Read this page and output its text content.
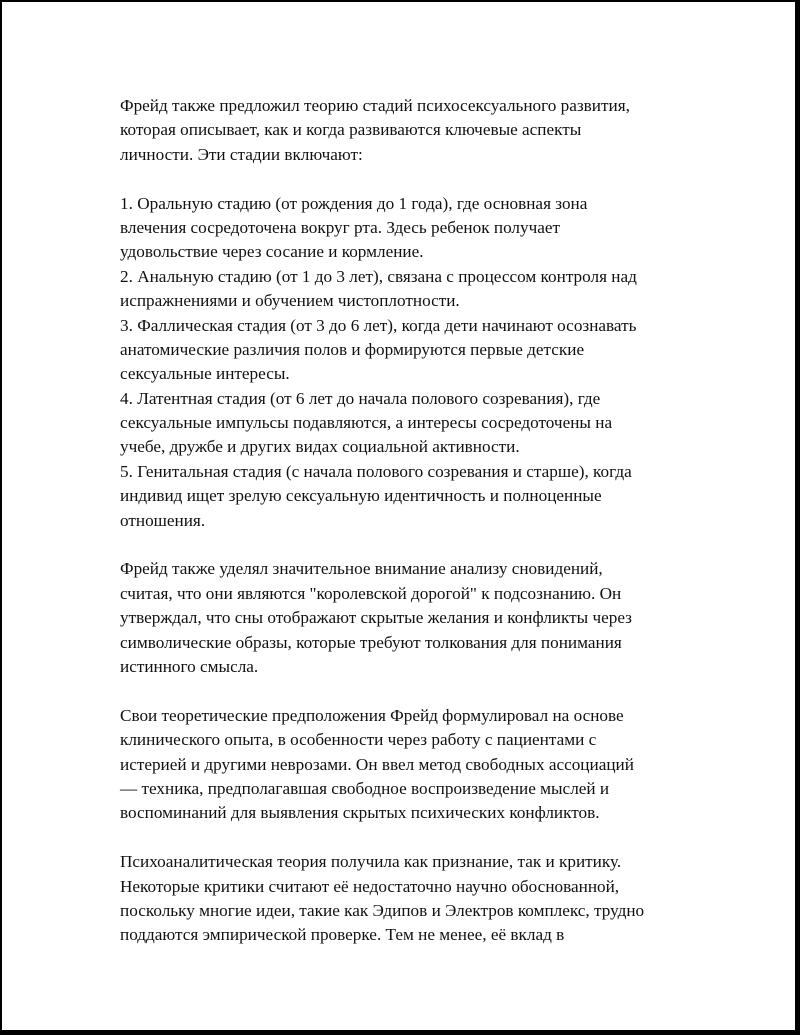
Фрейд также предложил теорию стадий психосексуального развития,
которая описывает, как и когда развиваются ключевые аспекты
личности. Эти стадии включают:
1. Оральную стадию (от рождения до 1 года), где основная зона
влечения сосредоточена вокруг рта. Здесь ребенок получает
удовольствие через сосание и кормление.
2. Анальную стадию (от 1 до 3 лет), связана с процессом контроля над
испражнениями и обучением чистоплотности.
3. Фаллическая стадия (от 3 до 6 лет), когда дети начинают осознавать
анатомические различия полов и формируются первые детские
сексуальные интересы.
4. Латентная стадия (от 6 лет до начала полового созревания), где
сексуальные импульсы подавляются, а интересы сосредоточены на
учебе, дружбе и других видах социальной активности.
5. Генитальная стадия (с начала полового созревания и старше), когда
индивид ищет зрелую сексуальную идентичность и полноценные
отношения.
Фрейд также уделял значительное внимание анализу сновидений,
считая, что они являются "королевской дорогой" к подсознанию. Он
утверждал, что сны отображают скрытые желания и конфликты через
символические образы, которые требуют толкования для понимания
истинного смысла.
Свои теоретические предположения Фрейд формулировал на основе
клинического опыта, в особенности через работу с пациентами с
истерией и другими неврозами. Он ввел метод свободных ассоциаций
— техника, предполагавшая свободное воспроизведение мыслей и
воспоминаний для выявления скрытых психических конфликтов.
Психоаналитическая теория получила как признание, так и критику.
Некоторые критики считают её недостаточно научно обоснованной,
поскольку многие идеи, такие как Эдипов и Электров комплекс, трудно
поддаются эмпирической проверке. Тем не менее, её вклад в
